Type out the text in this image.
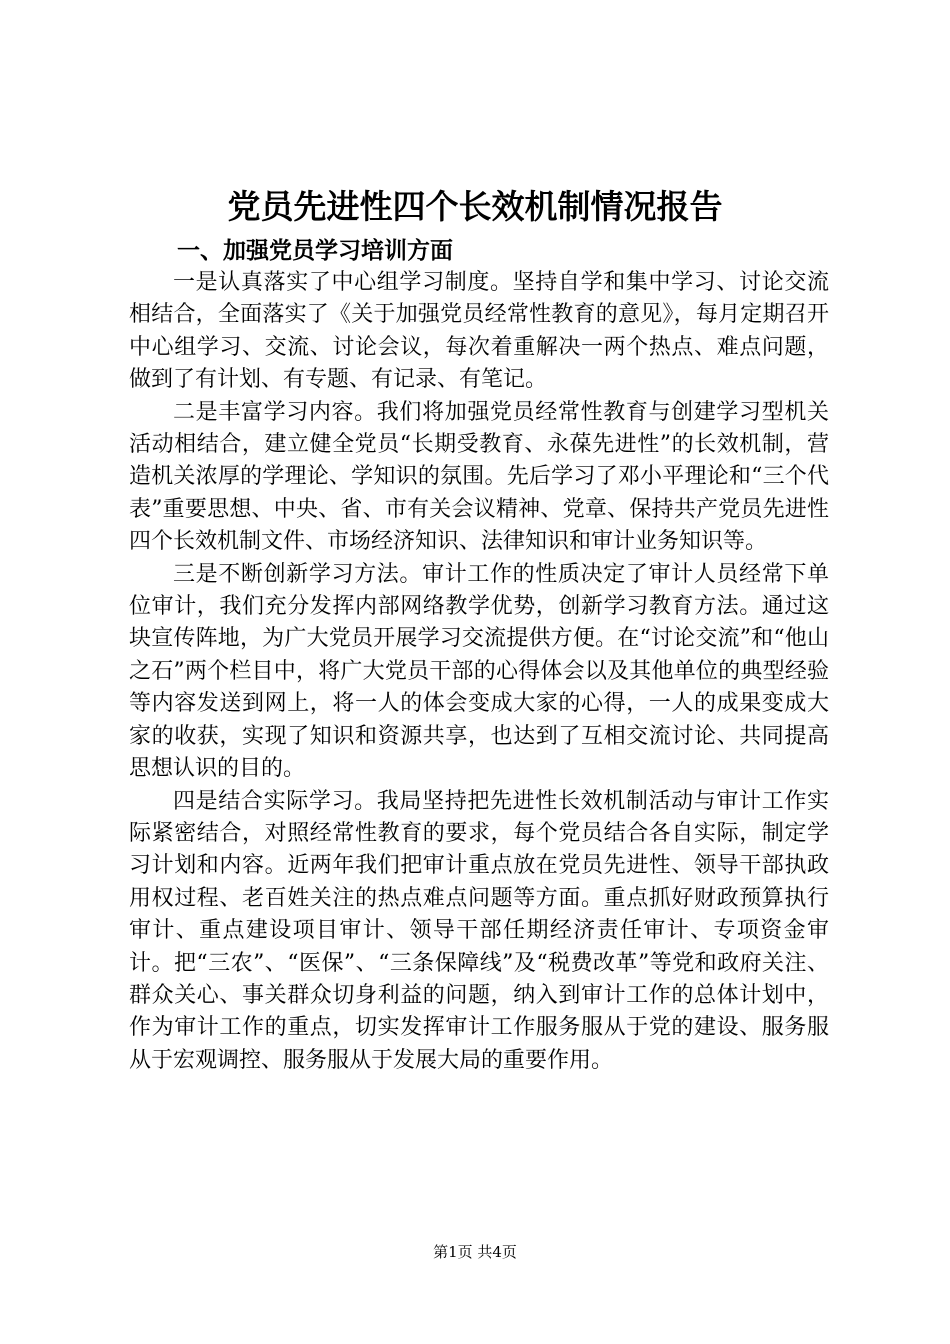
党员先进性四个长效机制情况报告
一、加强党员学习培训方面

一是认真落实了中心组学习制度。坚持自学和集中学习、讨论交流相结合，全面落实了《关于加强党员经常性教育的意见》，每月定期召开中心组学习、交流、讨论会议，每次着重解决一两个热点、难点问题，做到了有计划、有专题、有记录、有笔记。

二是丰富学习内容。我们将加强党员经常性教育与创建学习型机关活动相结合，建立健全党员“长期受教育、永葆先进性”的长效机制，营造机关浓厚的学理论、学知识的氛围。先后学习了邓小平理论和“三个代表”重要思想、中央、省、市有关会议精神、党章、保持共产党员先进性四个长效机制文件、市场经济知识、法律知识和审计业务知识等。

三是不断创新学习方法。审计工作的性质决定了审计人员经常下单位审计，我们充分发挥内部网络教学优势，创新学习教育方法。通过这块宣传阵地，为广大党员开展学习交流提供方便。在“讨论交流”和“他山之石”两个栏目中，将广大党员干部的心得体会以及其他单位的典型经验等内容发送到网上，将一人的体会变成大家的心得，一人的成果变成大家的收获，实现了知识和资源共享，也达到了互相交流讨论、共同提高思想认识的目的。

四是结合实际学习。我局坚持把先进性长效机制活动与审计工作实际紧密结合，对照经常性教育的要求，每个党员结合各自实际，制定学习计划和内容。近两年我们把审计重点放在党员先进性、领导干部执政用权过程、老百姓关注的热点难点问题等方面。重点抓好财政预算执行审计、重点建设项目审计、领导干部任期经济责任审计、专项资金审计。把“三农”、“医保”、“三条保障线”及“税费改革”等党和政府关注、群众关心、事关群众切身利益的问题，纳入到审计工作的总体计划中，作为审计工作的重点，切实发挥审计工作服务服从于党的建设、服务服从于宏观调控、服务服从于发展大局的重要作用。

第1页 共4页
